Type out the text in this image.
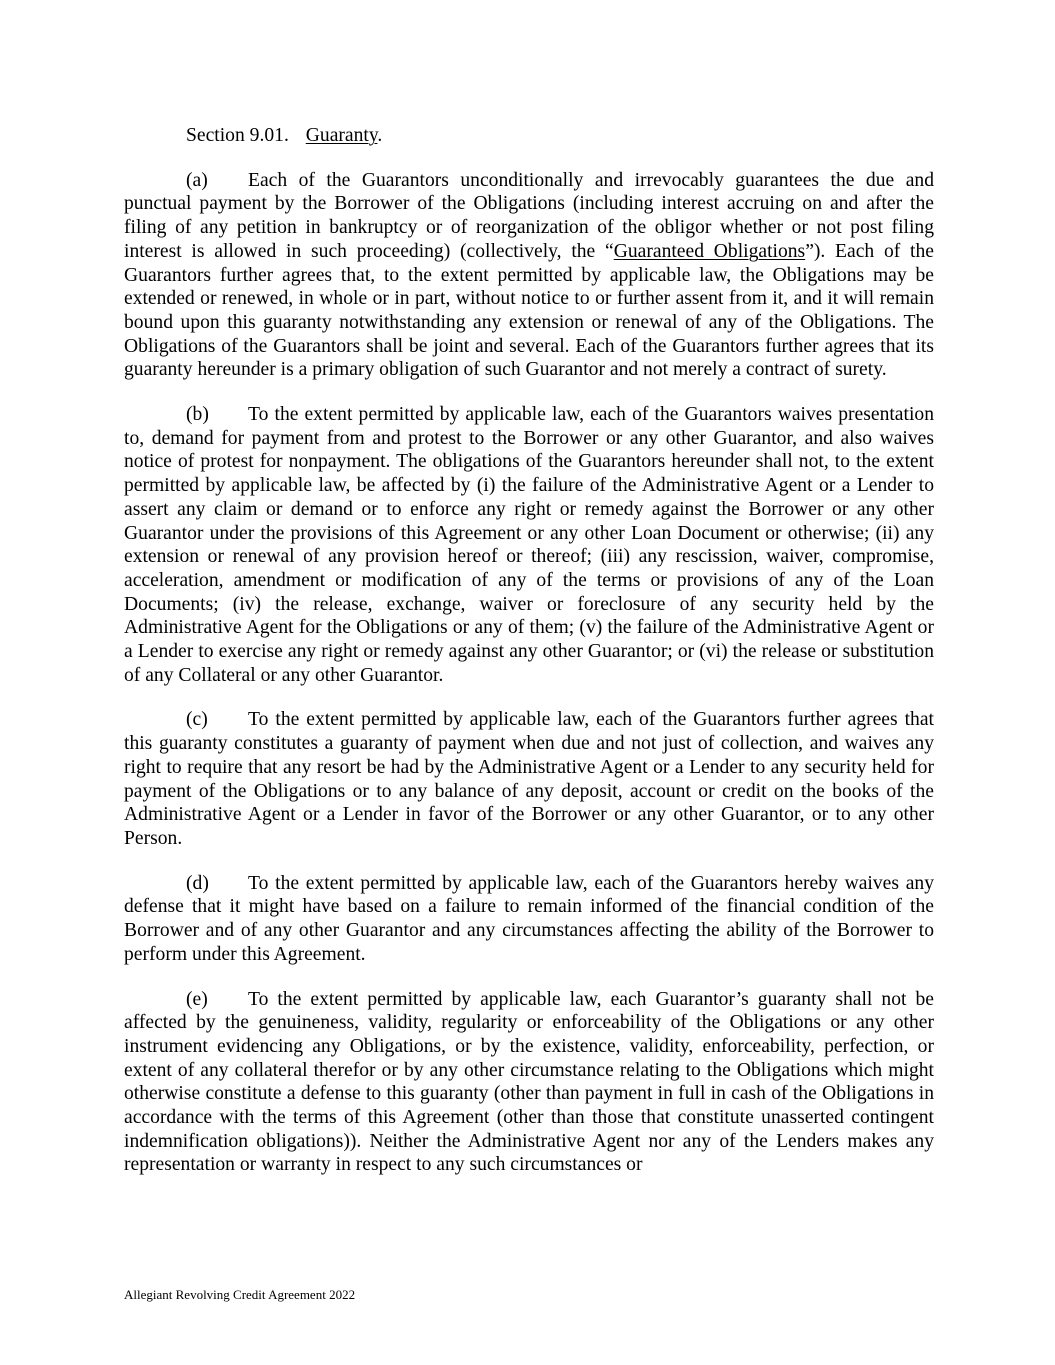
Section 9.01. Guaranty.

(a) Each of the Guarantors unconditionally and irrevocably guarantees the due and punctual payment by the Borrower of the Obligations (including interest accruing on and after the filing of any petition in bankruptcy or of reorganization of the obligor whether or not post filing interest is allowed in such proceeding) (collectively, the “Guaranteed Obligations”). Each of the Guarantors further agrees that, to the extent permitted by applicable law, the Obligations may be extended or renewed, in whole or in part, without notice to or further assent from it, and it will remain bound upon this guaranty notwithstanding any extension or renewal of any of the Obligations. The Obligations of the Guarantors shall be joint and several. Each of the Guarantors further agrees that its guaranty hereunder is a primary obligation of such Guarantor and not merely a contract of surety.

(b) To the extent permitted by applicable law, each of the Guarantors waives presentation to, demand for payment from and protest to the Borrower or any other Guarantor, and also waives notice of protest for nonpayment. The obligations of the Guarantors hereunder shall not, to the extent permitted by applicable law, be affected by (i) the failure of the Administrative Agent or a Lender to assert any claim or demand or to enforce any right or remedy against the Borrower or any other Guarantor under the provisions of this Agreement or any other Loan Document or otherwise; (ii) any extension or renewal of any provision hereof or thereof; (iii) any rescission, waiver, compromise, acceleration, amendment or modification of any of the terms or provisions of any of the Loan Documents; (iv) the release, exchange, waiver or foreclosure of any security held by the Administrative Agent for the Obligations or any of them; (v) the failure of the Administrative Agent or a Lender to exercise any right or remedy against any other Guarantor; or (vi) the release or substitution of any Collateral or any other Guarantor.

(c) To the extent permitted by applicable law, each of the Guarantors further agrees that this guaranty constitutes a guaranty of payment when due and not just of collection, and waives any right to require that any resort be had by the Administrative Agent or a Lender to any security held for payment of the Obligations or to any balance of any deposit, account or credit on the books of the Administrative Agent or a Lender in favor of the Borrower or any other Guarantor, or to any other Person.

(d) To the extent permitted by applicable law, each of the Guarantors hereby waives any defense that it might have based on a failure to remain informed of the financial condition of the Borrower and of any other Guarantor and any circumstances affecting the ability of the Borrower to perform under this Agreement.

(e) To the extent permitted by applicable law, each Guarantor’s guaranty shall not be affected by the genuineness, validity, regularity or enforceability of the Obligations or any other instrument evidencing any Obligations, or by the existence, validity, enforceability, perfection, or extent of any collateral therefor or by any other circumstance relating to the Obligations which might otherwise constitute a defense to this guaranty (other than payment in full in cash of the Obligations in accordance with the terms of this Agreement (other than those that constitute unasserted contingent indemnification obligations)). Neither the Administrative Agent nor any of the Lenders makes any representation or warranty in respect to any such circumstances or

Allegiant Revolving Credit Agreement 2022
